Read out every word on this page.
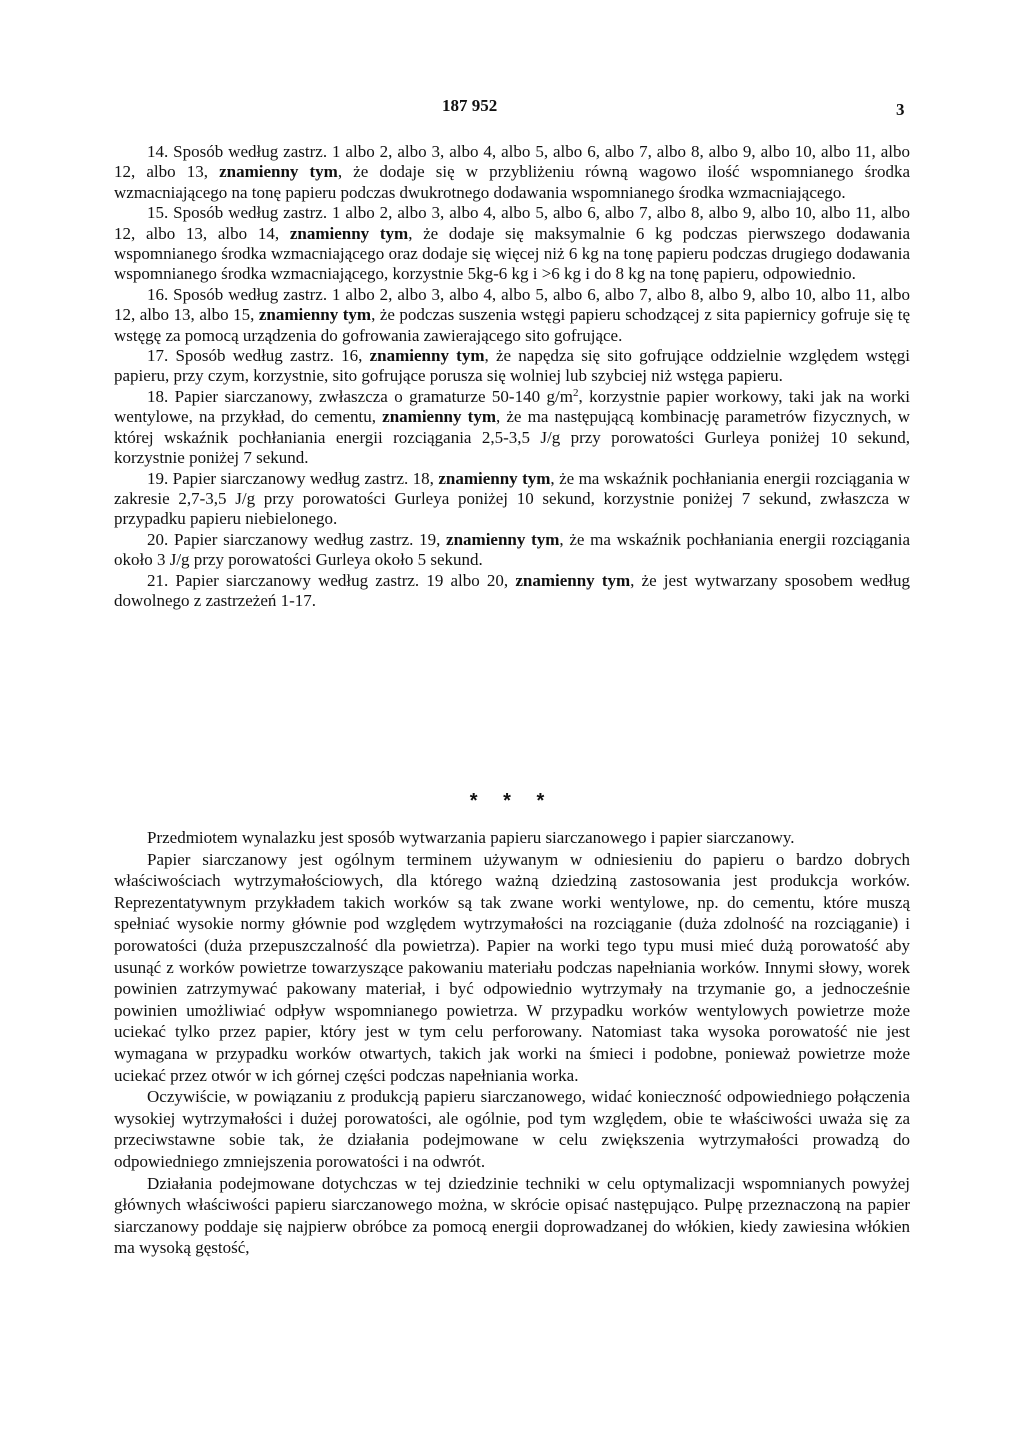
187 952	3

14. Sposób według zastrz. 1 albo 2, albo 3, albo 4, albo 5, albo 6, albo 7, albo 8, albo 9, albo 10, albo 11, albo 12, albo 13, znamienny tym, że dodaje się w przybliżeniu równą wagowo ilość wspomnianego środka wzmacniającego na tonę papieru podczas dwukrotnego dodawania wspomnianego środka wzmacniającego.

15. Sposób według zastrz. 1 albo 2, albo 3, albo 4, albo 5, albo 6, albo 7, albo 8, albo 9, albo 10, albo 11, albo 12, albo 13, albo 14, znamienny tym, że dodaje się maksymalnie 6 kg podczas pierwszego dodawania wspomnianego środka wzmacniającego oraz dodaje się więcej niż 6 kg na tonę papieru podczas drugiego dodawania wspomnianego środka wzmacniającego, korzystnie 5kg-6 kg i >6 kg i do 8 kg na tonę papieru, odpowiednio.

16. Sposób według zastrz. 1 albo 2, albo 3, albo 4, albo 5, albo 6, albo 7, albo 8, albo 9, albo 10, albo 11, albo 12, albo 13, albo 15, znamienny tym, że podczas suszenia wstęgi papieru schodzącej z sita papiernicy gofruje się tę wstęgę za pomocą urządzenia do gofrowania zawierającego sito gofrujące.

17. Sposób według zastrz. 16, znamienny tym, że napędza się sito gofrujące oddzielnie względem wstęgi papieru, przy czym, korzystnie, sito gofrujące porusza się wolniej lub szybciej niż wstęga papieru.

18. Papier siarczanowy, zwłaszcza o gramaturze 50-140 $g/m^2$, korzystnie papier workowy, taki jak na worki wentylowe, na przykład, do cementu, znamienny tym, że ma następującą kombinację parametrów fizycznych, w której wskaźnik pochłaniania energii rozciągania 2,5-3,5 J/g przy porowatości Gurleya poniżej 10 sekund, korzystnie poniżej 7 sekund.

19. Papier siarczanowy według zastrz. 18, znamienny tym, że ma wskaźnik pochłaniania energii rozciągania w zakresie 2,7-3,5 J/g przy porowatości Gurleya poniżej 10 sekund, korzystnie poniżej 7 sekund, zwłaszcza w przypadku papieru niebielonego.

20. Papier siarczanowy według zastrz. 19, znamienny tym, że ma wskaźnik pochłaniania energii rozciągania około 3 J/g przy porowatości Gurleya około 5 sekund.

21. Papier siarczanowy według zastrz. 19 albo 20, znamienny tym, że jest wytwarzany sposobem według dowolnego z zastrzeżeń 1-17.

* * *

Przedmiotem wynalazku jest sposób wytwarzania papieru siarczanowego i papier siarczanowy.

Papier siarczanowy jest ogólnym terminem używanym w odniesieniu do papieru o bardzo dobrych właściwościach wytrzymałościowych, dla którego ważną dziedziną zastosowania jest produkcja worków. Reprezentatywnym przykładem takich worków są tak zwane worki wentylowe, np. do cementu, które muszą spełniać wysokie normy głównie pod względem wytrzymałości na rozciąganie (duża zdolność na rozciąganie) i porowatości (duża przepuszczalność dla powietrza). Papier na worki tego typu musi mieć dużą porowatość aby usunąć z worków powietrze towarzyszące pakowaniu materiału podczas napełniania worków. Innymi słowy, worek powinien zatrzymywać pakowany materiał, i być odpowiednio wytrzymały na trzymanie go, a jednocześnie powinien umożliwiać odpływ wspomnianego powietrza. W przypadku worków wentylowych powietrze może uciekać tylko przez papier, który jest w tym celu perforowany. Natomiast taka wysoka porowatość nie jest wymagana w przypadku worków otwartych, takich jak worki na śmieci i podobne, ponieważ powietrze może uciekać przez otwór w ich górnej części podczas napełniania worka.

Oczywiście, w powiązaniu z produkcją papieru siarczanowego, widać konieczność odpowiedniego połączenia wysokiej wytrzymałości i dużej porowatości, ale ogólnie, pod tym względem, obie te właściwości uważa się za przeciwstawne sobie tak, że działania podejmowane w celu zwiększenia wytrzymałości prowadzą do odpowiedniego zmniejszenia porowatości i na odwrót.

Działania podejmowane dotychczas w tej dziedzinie techniki w celu optymalizacji wspomnianych powyżej głównych właściwości papieru siarczanowego można, w skrócie opisać następująco. Pulpę przeznaczoną na papier siarczanowy poddaje się najpierw obróbce za pomocą energii doprowadzanej do włókien, kiedy zawiesina włókien ma wysoką gęstość,
